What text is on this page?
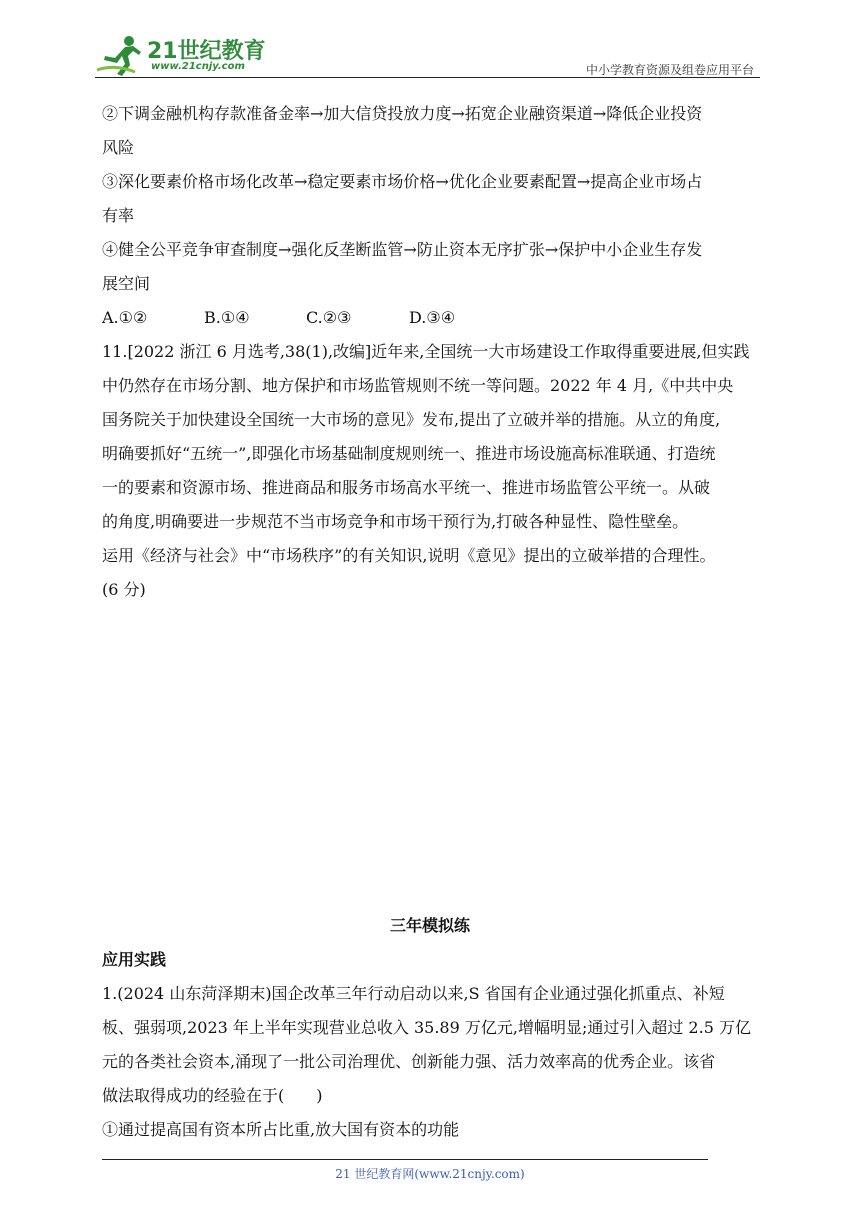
21世纪教育
www.21cnjy.com	中小学教育资源及组卷应用平台
②下调金融机构存款准备金率→加大信贷投放力度→拓宽企业融资渠道→降低企业投资
风险
③深化要素价格市场化改革→稳定要素市场价格→优化企业要素配置→提高企业市场占
有率
④健全公平竞争审查制度→强化反垄断监管→防止资本无序扩张→保护中小企业生存发
展空间
A.①②	B.①④	C.②③	D.③④
11.[2022 浙江 6 月选考,38(1),改编]近年来,全国统一大市场建设工作取得重要进展,但实践
中仍然存在市场分割、地方保护和市场监管规则不统一等问题。2022 年 4 月,《中共中央
国务院关于加快建设全国统一大市场的意见》发布,提出了立破并举的措施。从立的角度,
明确要抓好“五统一”,即强化市场基础制度规则统一、推进市场设施高标准联通、打造统
一的要素和资源市场、推进商品和服务市场高水平统一、推进市场监管公平统一。从破
的角度,明确要进一步规范不当市场竞争和市场干预行为,打破各种显性、隐性壁垒。
运用《经济与社会》中“市场秩序”的有关知识,说明《意见》提出的立破举措的合理性。
(6 分)
三年模拟练
应用实践
1.(2024 山东菏泽期末)国企改革三年行动启动以来,S 省国有企业通过强化抓重点、补短
板、强弱项,2023 年上半年实现营业总收入 35.89 万亿元,增幅明显;通过引入超过 2.5 万亿
元的各类社会资本,涌现了一批公司治理优、创新能力强、活力效率高的优秀企业。该省
做法取得成功的经验在于(　　)
①通过提高国有资本所占比重,放大国有资本的功能
21 世纪教育网(www.21cnjy.com)
